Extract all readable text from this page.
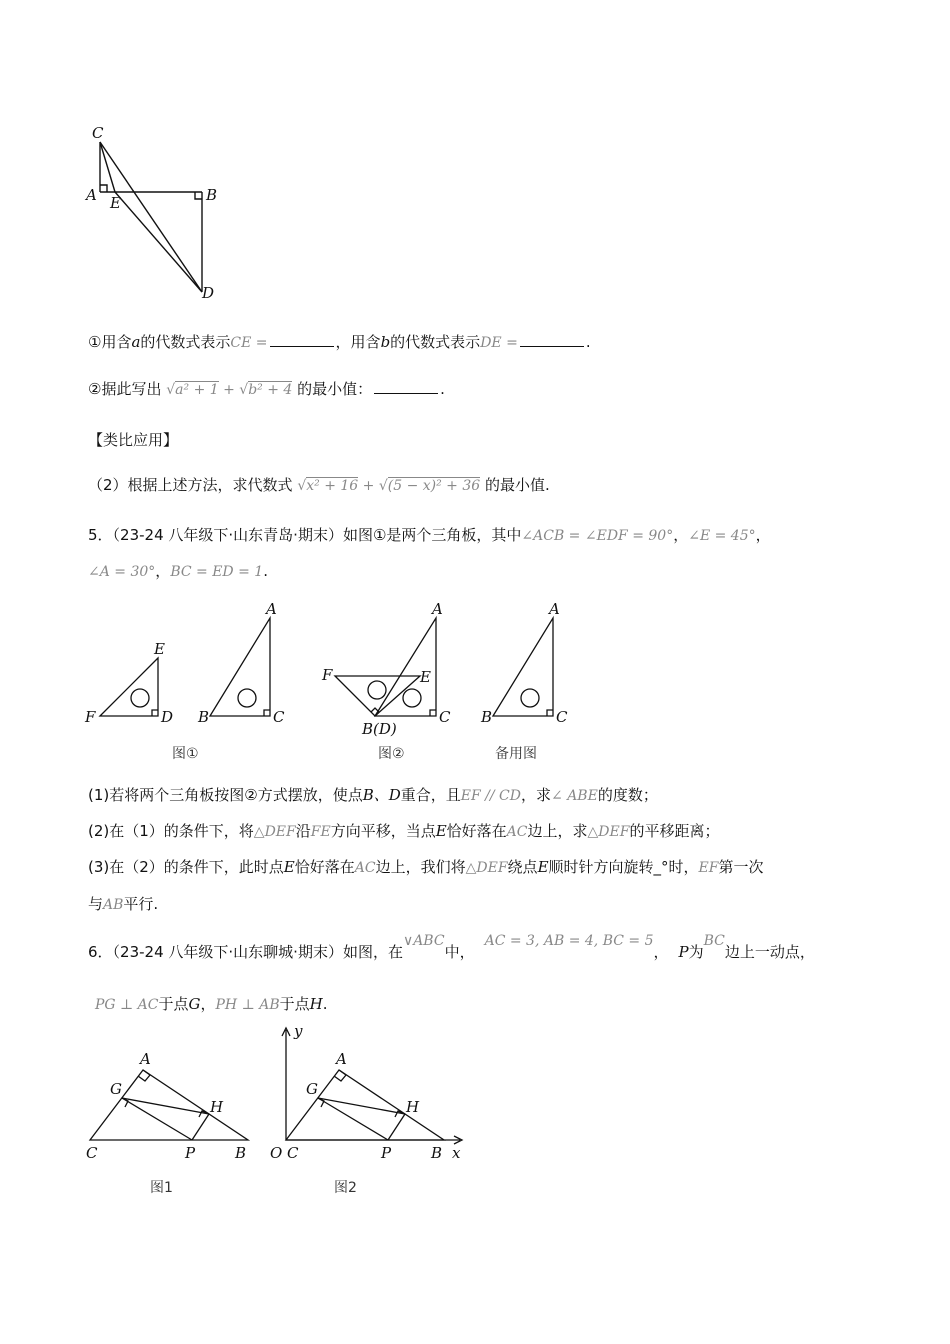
C
A E	B
D
①用含a的代数式表示CE =	，用含b的代数式表示DE =	.
②据此写出 √a² + 1 + √b² + 4 的最小值：	.
【类比应用】
（2）根据上述方法，求代数式 √x² + 16 + √(5 − x)² + 36 的最小值.
5．（23-24 八年级下·山东青岛·期末）如图①是两个三角板，其中∠ACB = ∠EDF = 90°，∠E = 45°，
∠A = 30°，BC = ED = 1.
E
F	D
A
B	C
A
F	E
B(D)
C
A
B	C
图①	图②	备用图
(1)若将两个三角板按图②方式摆放，使点B、D重合，且EF // CD，求∠ ABE的度数；
(2)在（1）的条件下，将△DEF沿FE方向平移，当点E恰好落在AC边上，求△DEF的平移距离；
(3)在（2）的条件下，此时点E恰好落在AC边上，我们将△DEF绕点E顺时针方向旋转_°时，EF第一次
与AB平行.
6．（23-24 八年级下·山东聊城·期末）如图，在∨ABC中，AC = 3, AB = 4, BC = 5， P为BC边上一动点，
PG ⊥ AC于点G，PH ⊥ AB于点H.
A
G
H
C	P	B
y
A
G
H
O C	P	B x
图1	图2
